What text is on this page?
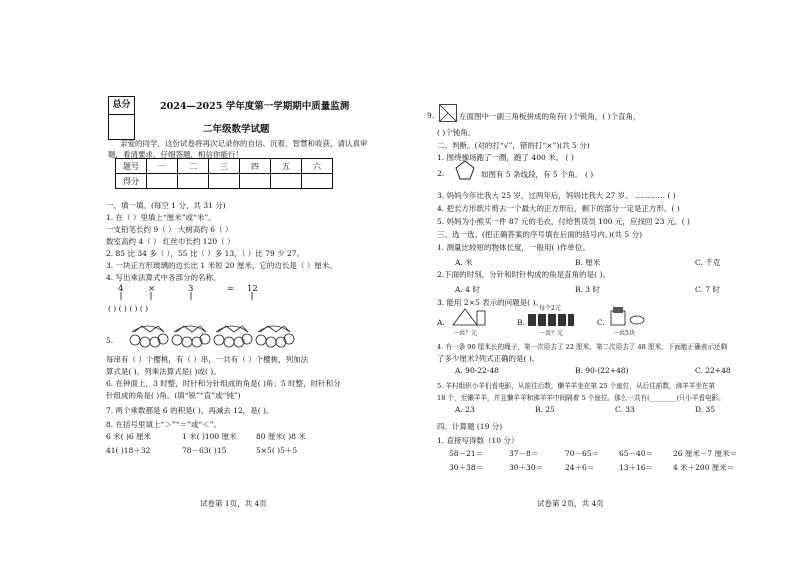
总分	2024—2025 学年度第一学期期中质量监测
二年级数学试题
亲爱的同学，这份试卷将再次记录你的自信、沉着、智慧和收获，请认真审
题，看清要求，仔细答题，相信你能行！
题号	一	二	三	四	五	六
得分						
一、填一填。(每空 1 分，共 31 分)
1. 在（ ）里填上“厘米”或“米”。
一支铅笔长约 9（ ） 大树高约 6（ ）
数室高约 4（ ） 红丝巾长约 120（ ）
2. 85 比 34 多（ ），55 比（ ）多 13，（ ）比 79 少 27。
3. 一块正方形玻璃的边长比 1 米短 20 厘米，它的边长是（ ）厘米。
4. 写出乘法算式中各部分的名称。
4	×	3	= 12
( ) ( ) ( ) ( )
5.
每串有（ ）个樱桃，有（ ）串，一共有（ ）个樱桃，列加法
算式是( )，列乘法算式是( )或( )。
6. 在钟面上，3 时整，时针和分针组成的角是( )角；5 时整，时针和分
针组成的角是( )角。(填“锐”“直”或“钝”)
7. 两个乘数都是 6 的积是( )，再减去 12，是( )。
8. 在括号里填上“＞”“＝”或“＜”。
6 米( )6 厘米	1 米( )100 厘米	80 厘米( )8 米
41( )18＋32	78－63( )15	5×5( )5＋5
试卷第 1页，共 4页
9.	左面图中一副三角板拼成的角有( )个锐角，( )个直角，
( )个钝角。
二、判断。(对的打“√”，错的打“×”)(共 5 分)
1. 围绕操场跑了一圈，跑了 400 米。 ( )
2.	如图有 5 条线段，有 5 个角。 ( )
3. 妈妈今年比我大 25 岁，过两年后，妈妈比我大 27 岁。 ………… ( )
4. 把长方形纸片剪去一个最大的正方形后，剩下的部分一定是正方形。( )
5. 妈妈为小熊买一件 87 元的毛衣，付给售货员 100 元，应找回 23 元。( )
三、选一选。(把正确答案的序号填在后面的括号内。)(共 5 分)
1. 测量比较短的物体长度，一般用( )作单位。
A. 米	B. 厘米	C. 千克
2.下面的时刻，分针和时针构成的角是直角的是( )。
A. 4 时	B. 3 时	C. 7 时
3. 能用 2×5 表示的问题是( )。
A.
一共？元
B.
每个2元
一共？元
C.
一共5块
4. 有一条 90 厘米长的绳子，第一次用去了 22 厘米，第二次用去了 48 厘米，下面能正确表示还剩
了多少厘米?列式正确的是( )。
A. 90-22-48	B. 90-(22+48)	C. 22+48
5. 羊村组织小羊们看电影，从前往后数，懒羊羊坐在第 25 个座位，从后往前数，沸羊羊坐在第
18 个，至懒羊羊，并且懒羊羊和沸羊羊中间隔着 5 个座位。那么一共有(________)只小羊看电影。
A. 23	B. 25	C. 33	D. 35
四、计算题 (19 分)
1. 直接写得数（10 分）
58－21＝	37－8＝	70－65＝	65－40＝	26 厘米－7 厘米＝
30＋38＝	30＋30＝	24＋6＝	13＋16＝	4 米＋200 厘米＝
试卷第 2页，共 4页
